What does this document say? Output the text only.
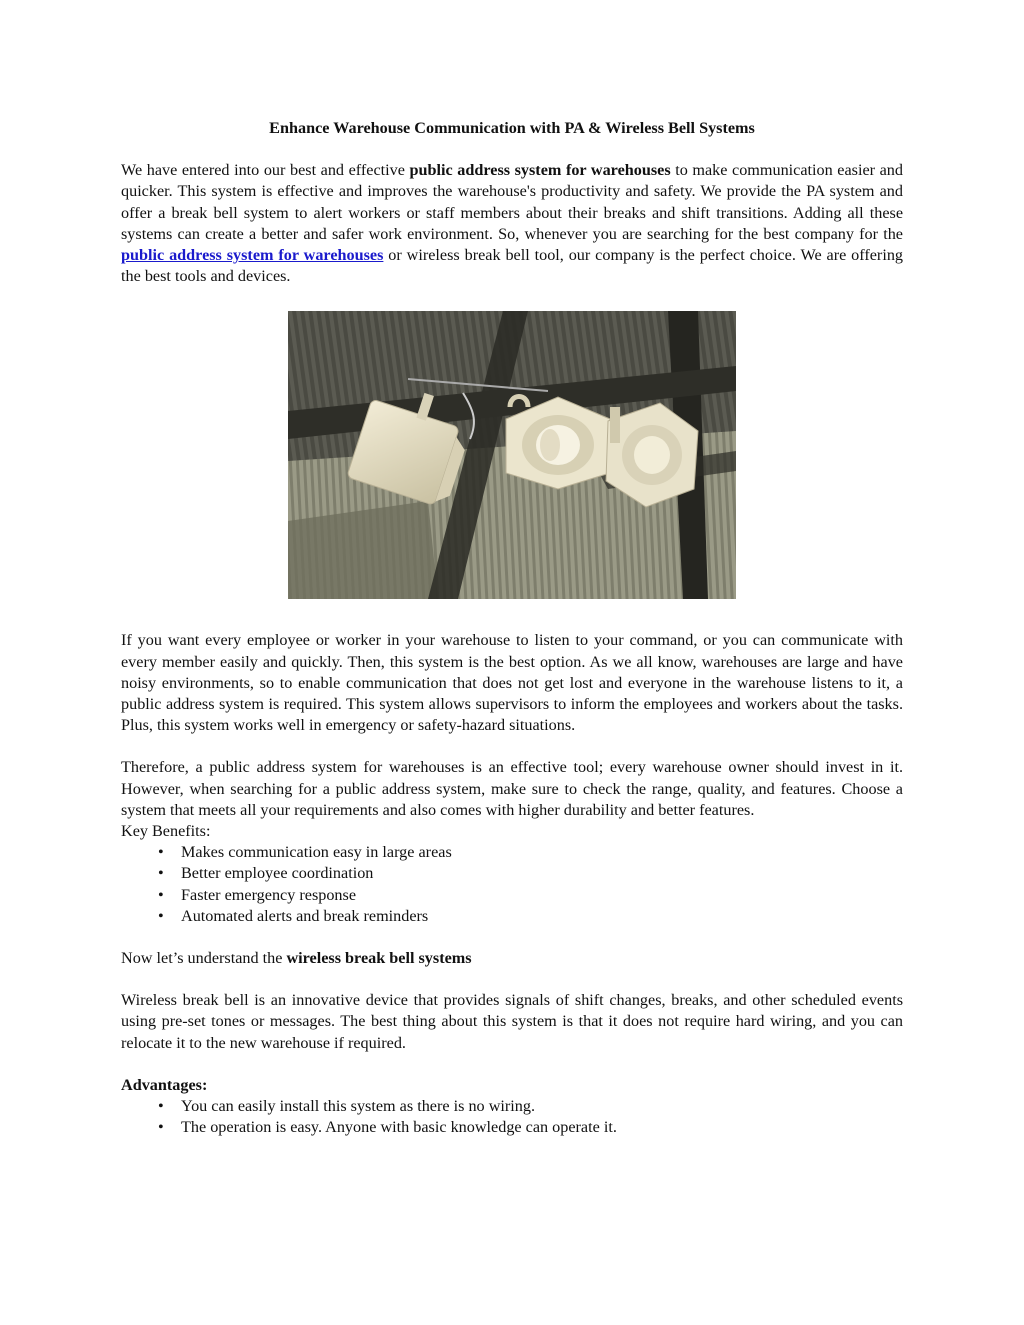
Enhance Warehouse Communication with PA & Wireless Bell Systems

We have entered into our best and effective public address system for warehouses to make communication easier and quicker. This system is effective and improves the warehouse's productivity and safety. We provide the PA system and offer a break bell system to alert workers or staff members about their breaks and shift transitions. Adding all these systems can create a better and safer work environment. So, whenever you are searching for the best company for the public address system for warehouses or wireless break bell tool, our company is the perfect choice. We are offering the best tools and devices.

If you want every employee or worker in your warehouse to listen to your command, or you can communicate with every member easily and quickly. Then, this system is the best option. As we all know, warehouses are large and have noisy environments, so to enable communication that does not get lost and everyone in the warehouse listens to it, a public address system is required. This system allows supervisors to inform the employees and workers about the tasks. Plus, this system works well in emergency or safety-hazard situations.

Therefore, a public address system for warehouses is an effective tool; every warehouse owner should invest in it. However, when searching for a public address system, make sure to check the range, quality, and features. Choose a system that meets all your requirements and also comes with higher durability and better features.

Key Benefits:
• Makes communication easy in large areas
• Better employee coordination
• Faster emergency response
• Automated alerts and break reminders

Now let’s understand the wireless break bell systems

Wireless break bell is an innovative device that provides signals of shift changes, breaks, and other scheduled events using pre-set tones or messages. The best thing about this system is that it does not require hard wiring, and you can relocate it to the new warehouse if required.

Advantages:
• You can easily install this system as there is no wiring.
• The operation is easy. Anyone with basic knowledge can operate it.
